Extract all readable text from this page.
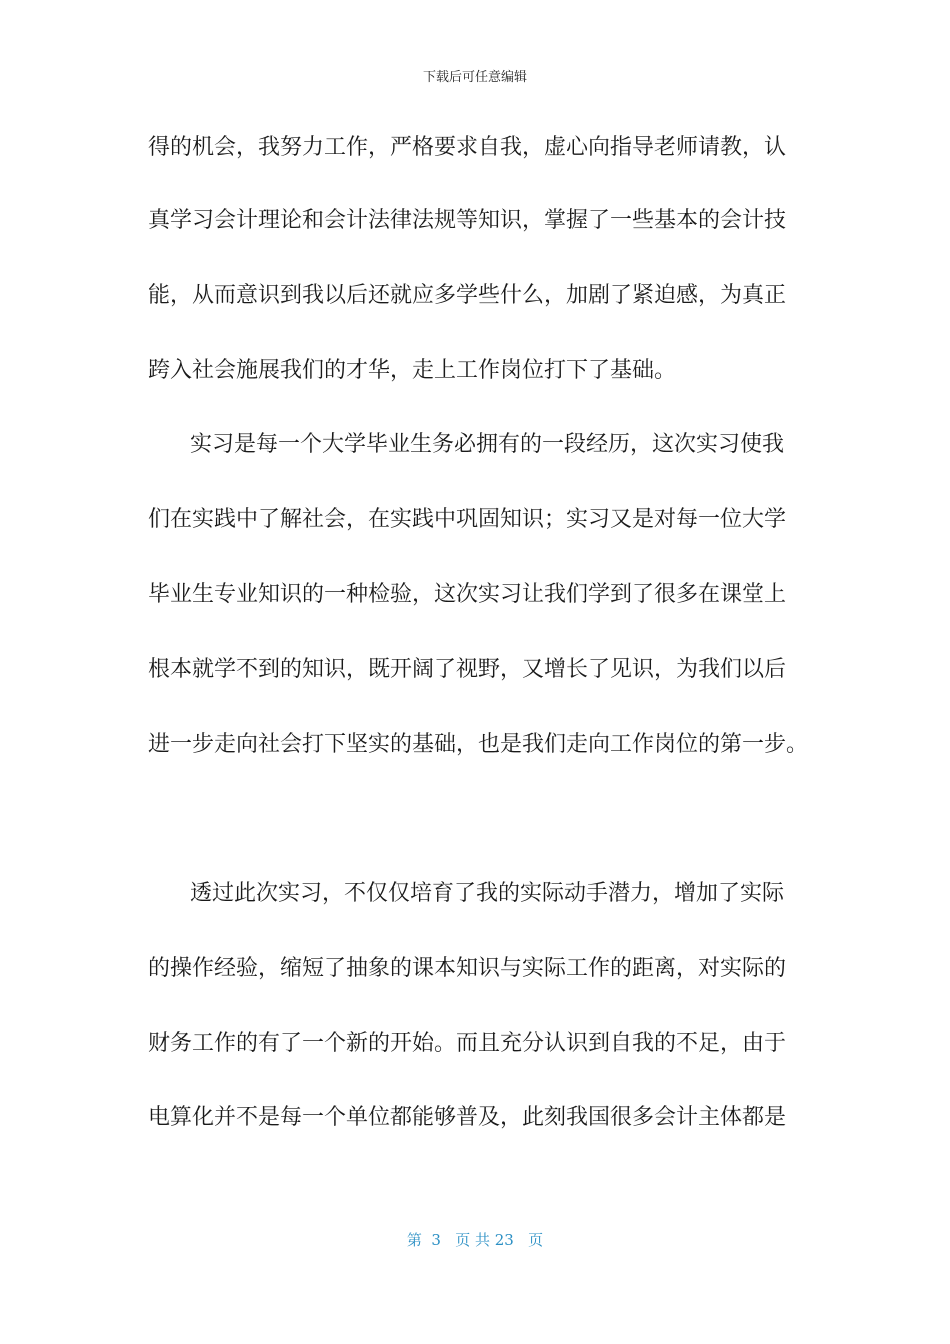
下载后可任意编辑
得的机会，我努力工作，严格要求自我，虚心向指导老师请教，认
真学习会计理论和会计法律法规等知识，掌握了一些基本的会计技
能，从而意识到我以后还就应多学些什么，加剧了紧迫感，为真正
跨入社会施展我们的才华，走上工作岗位打下了基础。
实习是每一个大学毕业生务必拥有的一段经历，这次实习使我
们在实践中了解社会，在实践中巩固知识；实习又是对每一位大学
毕业生专业知识的一种检验，这次实习让我们学到了很多在课堂上
根本就学不到的知识，既开阔了视野，又增长了见识，为我们以后
进一步走向社会打下坚实的基础，也是我们走向工作岗位的第一步。
透过此次实习，不仅仅培育了我的实际动手潜力，增加了实际
的操作经验，缩短了抽象的课本知识与实际工作的距离，对实际的
财务工作的有了一个新的开始。而且充分认识到自我的不足，由于
电算化并不是每一个单位都能够普及，此刻我国很多会计主体都是
第  3   页 共 23   页
